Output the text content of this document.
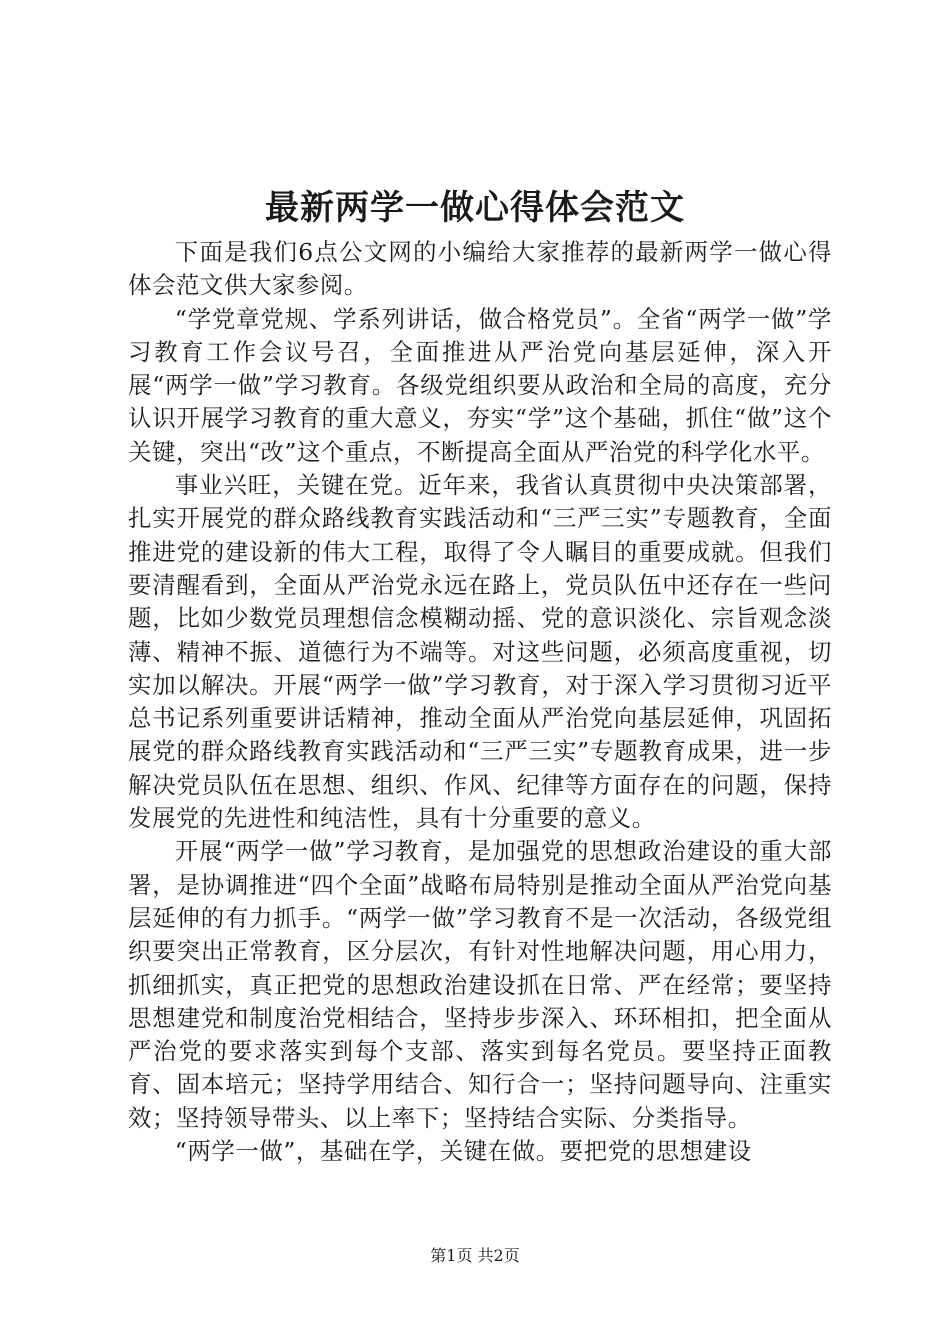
最新两学一做心得体会范文

下面是我们6点公文网的小编给大家推荐的最新两学一做心得体会范文供大家参阅。

“学党章党规、学系列讲话，做合格党员”。全省“两学一做”学习教育工作会议号召，全面推进从严治党向基层延伸，深入开展“两学一做”学习教育。各级党组织要从政治和全局的高度，充分认识开展学习教育的重大意义，夯实“学”这个基础，抓住“做”这个关键，突出“改”这个重点，不断提高全面从严治党的科学化水平。

事业兴旺，关键在党。近年来，我省认真贯彻中央决策部署，扎实开展党的群众路线教育实践活动和“三严三实”专题教育，全面推进党的建设新的伟大工程，取得了令人瞩目的重要成就。但我们要清醒看到，全面从严治党永远在路上，党员队伍中还存在一些问题，比如少数党员理想信念模糊动摇、党的意识淡化、宗旨观念淡薄、精神不振、道德行为不端等。对这些问题，必须高度重视，切实加以解决。开展“两学一做”学习教育，对于深入学习贯彻习近平总书记系列重要讲话精神，推动全面从严治党向基层延伸，巩固拓展党的群众路线教育实践活动和“三严三实”专题教育成果，进一步解决党员队伍在思想、组织、作风、纪律等方面存在的问题，保持发展党的先进性和纯洁性，具有十分重要的意义。

开展“两学一做”学习教育，是加强党的思想政治建设的重大部署，是协调推进“四个全面”战略布局特别是推动全面从严治党向基层延伸的有力抓手。“两学一做”学习教育不是一次活动，各级党组织要突出正常教育，区分层次，有针对性地解决问题，用心用力，抓细抓实，真正把党的思想政治建设抓在日常、严在经常；要坚持思想建党和制度治党相结合，坚持步步深入、环环相扣，把全面从严治党的要求落实到每个支部、落实到每名党员。要坚持正面教育、固本培元；坚持学用结合、知行合一；坚持问题导向、注重实效；坚持领导带头、以上率下；坚持结合实际、分类指导。

“两学一做”，基础在学，关键在做。要把党的思想建设

第1页 共2页
